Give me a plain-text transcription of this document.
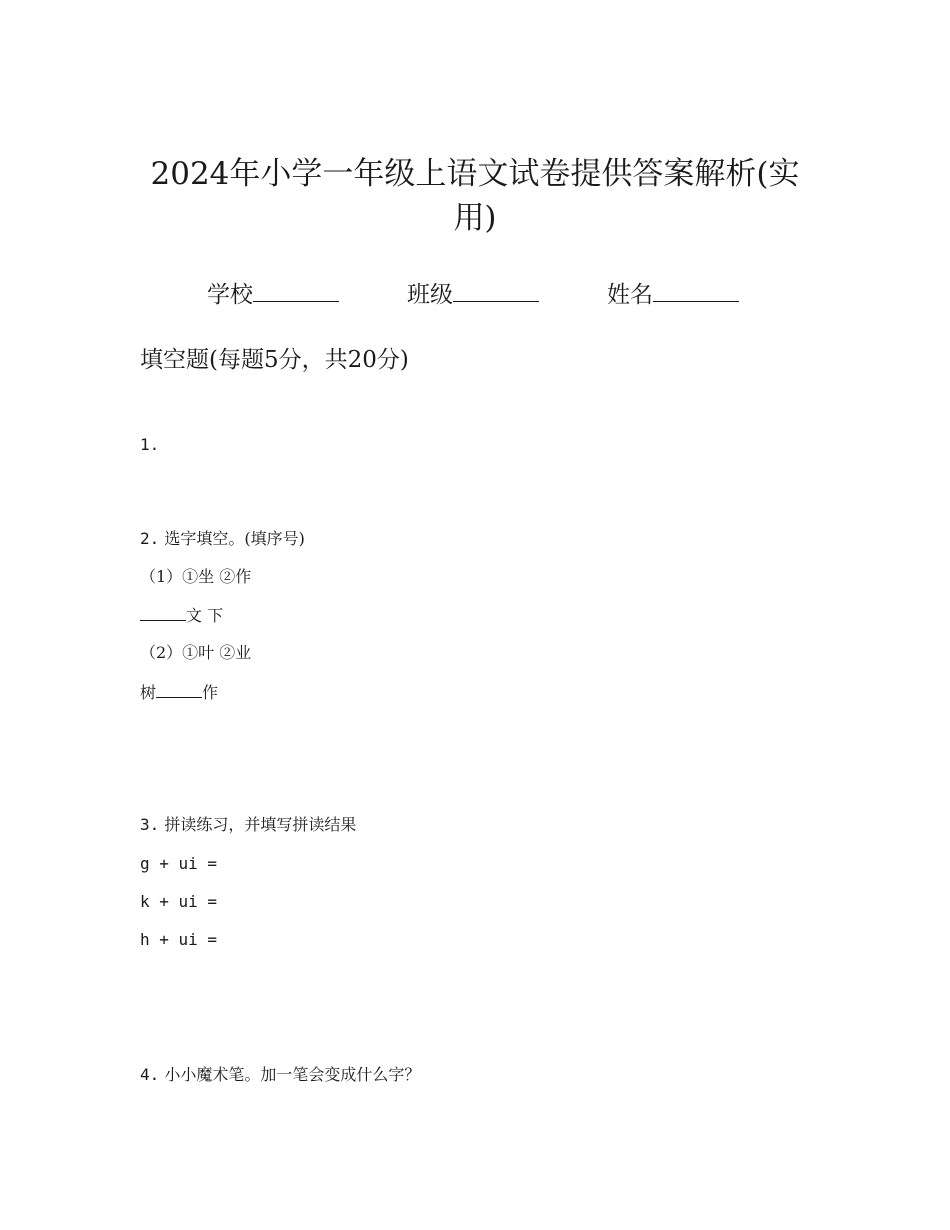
2024年小学一年级上语文试卷提供答案解析(实用)
学校	班级	姓名
填空题(每题5分，共20分)
1.
2. 选字填空。(填序号)
（1）①坐 ②作
文 下
（2）①叶 ②业
树	作
3. 拼读练习，并填写拼读结果
g + ui =
k + ui =
h + ui =
4. 小小魔术笔。加一笔会变成什么字？
